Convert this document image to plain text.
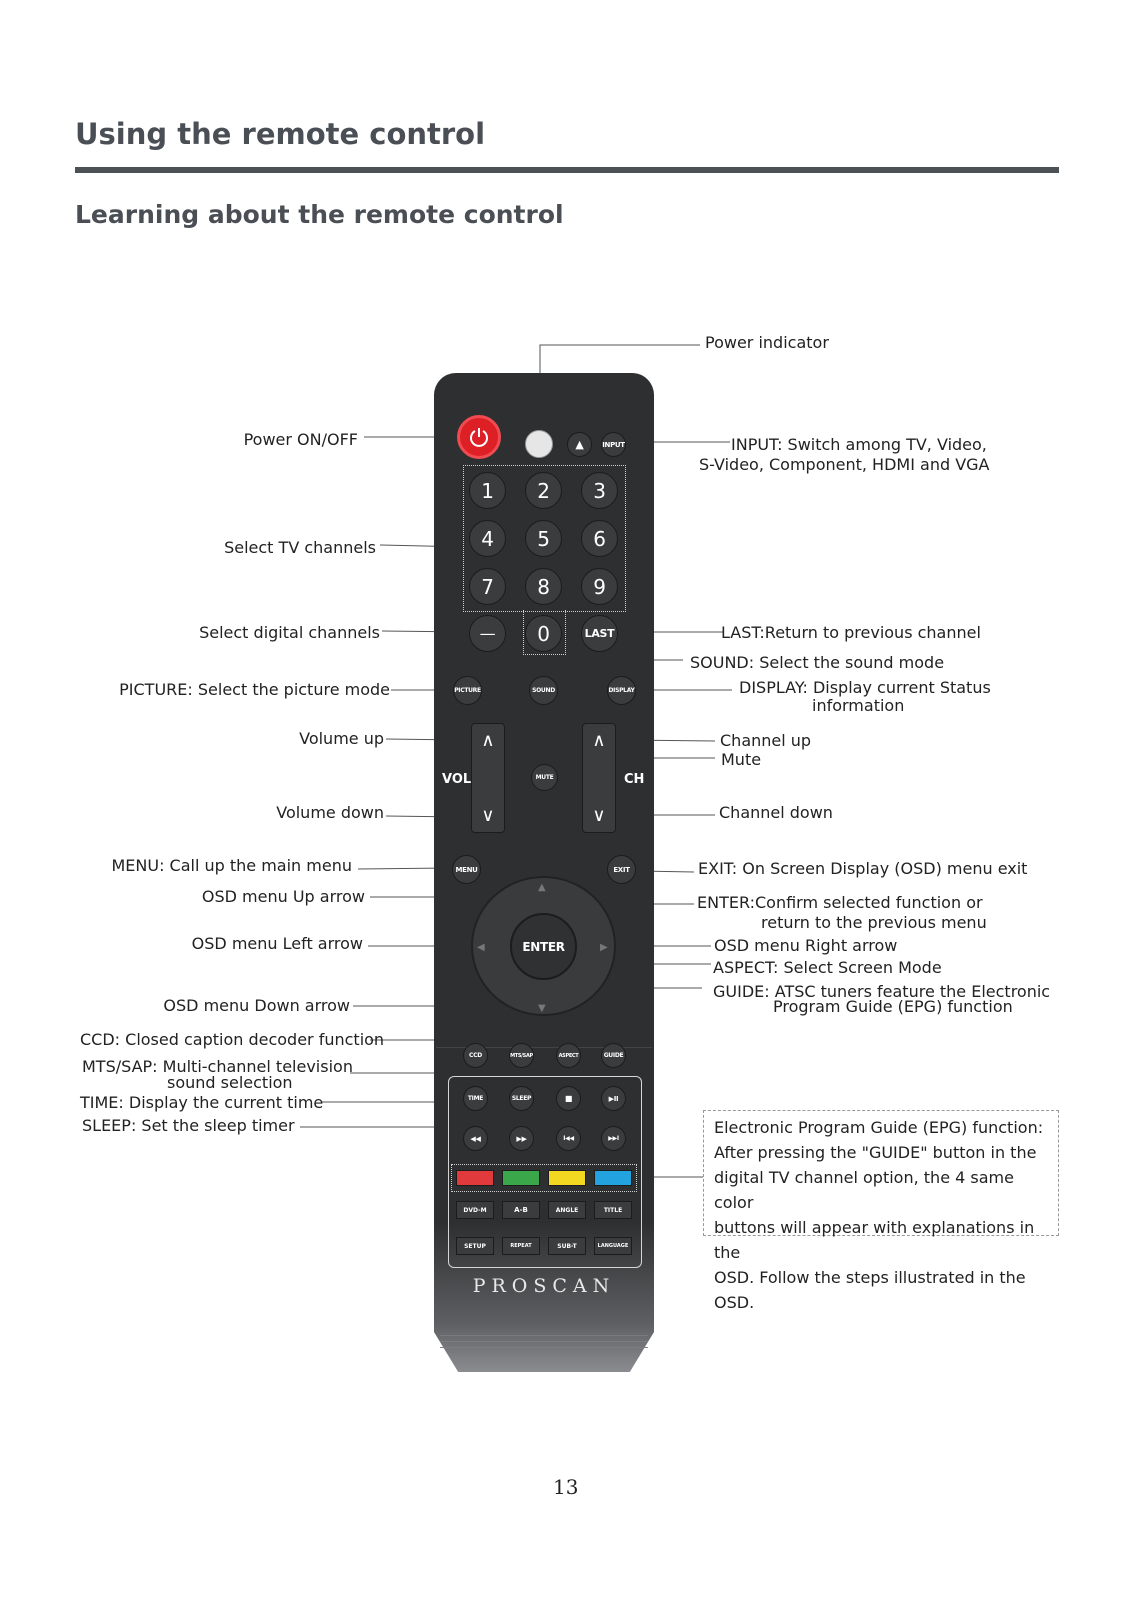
Using the remote control
Learning about the remote control
Power indicator
Power ON/OFF	INPUT: Switch among TV, Video,
S-Video, Component, HDMI and VGA
Select TV channels
Select digital channels	LAST:Return to previous channel
SOUND: Select the sound mode
PICTURE: Select the picture mode	DISPLAY: Display current Status
information
Volume up	Channel up
Mute
Volume down	Channel down
MENU: Call up the main menu	EXIT: On Screen Display (OSD) menu exit
OSD menu Up arrow	ENTER:Confirm selected function or
return to the previous menu
OSD menu Left arrow	OSD menu Right arrow
ASPECT: Select Screen Mode
OSD menu Down arrow
GUIDE: ATSC tuners feature the Electronic
Program Guide (EPG) function
CCD: Closed caption decoder function
MTS/SAP: Multi-channel television
sound selection
TIME: Display the current time
SLEEP: Set the sleep timer	Electronic Program Guide (EPG) function:
After pressing the "GUIDE" button in the
digital TV channel option, the 4 same color
buttons will appear with explanations in the
OSD. Follow the steps illustrated in the OSD.
▲	INPUT
1	2	3
4	5	6
7	8	9
—	0	LAST
PICTURE	SOUND	DISPLAY
∧
∨
∧
∨
VOL	CH
MUTE
MENU	EXIT
▲
▼
◀	▶
ENTER
CCD	MTS/SAP	ASPECT	GUIDE
TIME	SLEEP	■	▶II
◀◀	▶▶	I◀◀	▶▶I
DVD-M	A-B	ANGLE	TITLE
SETUP	REPEAT	SUB-T	LANGUAGE
PROSCAN
13
